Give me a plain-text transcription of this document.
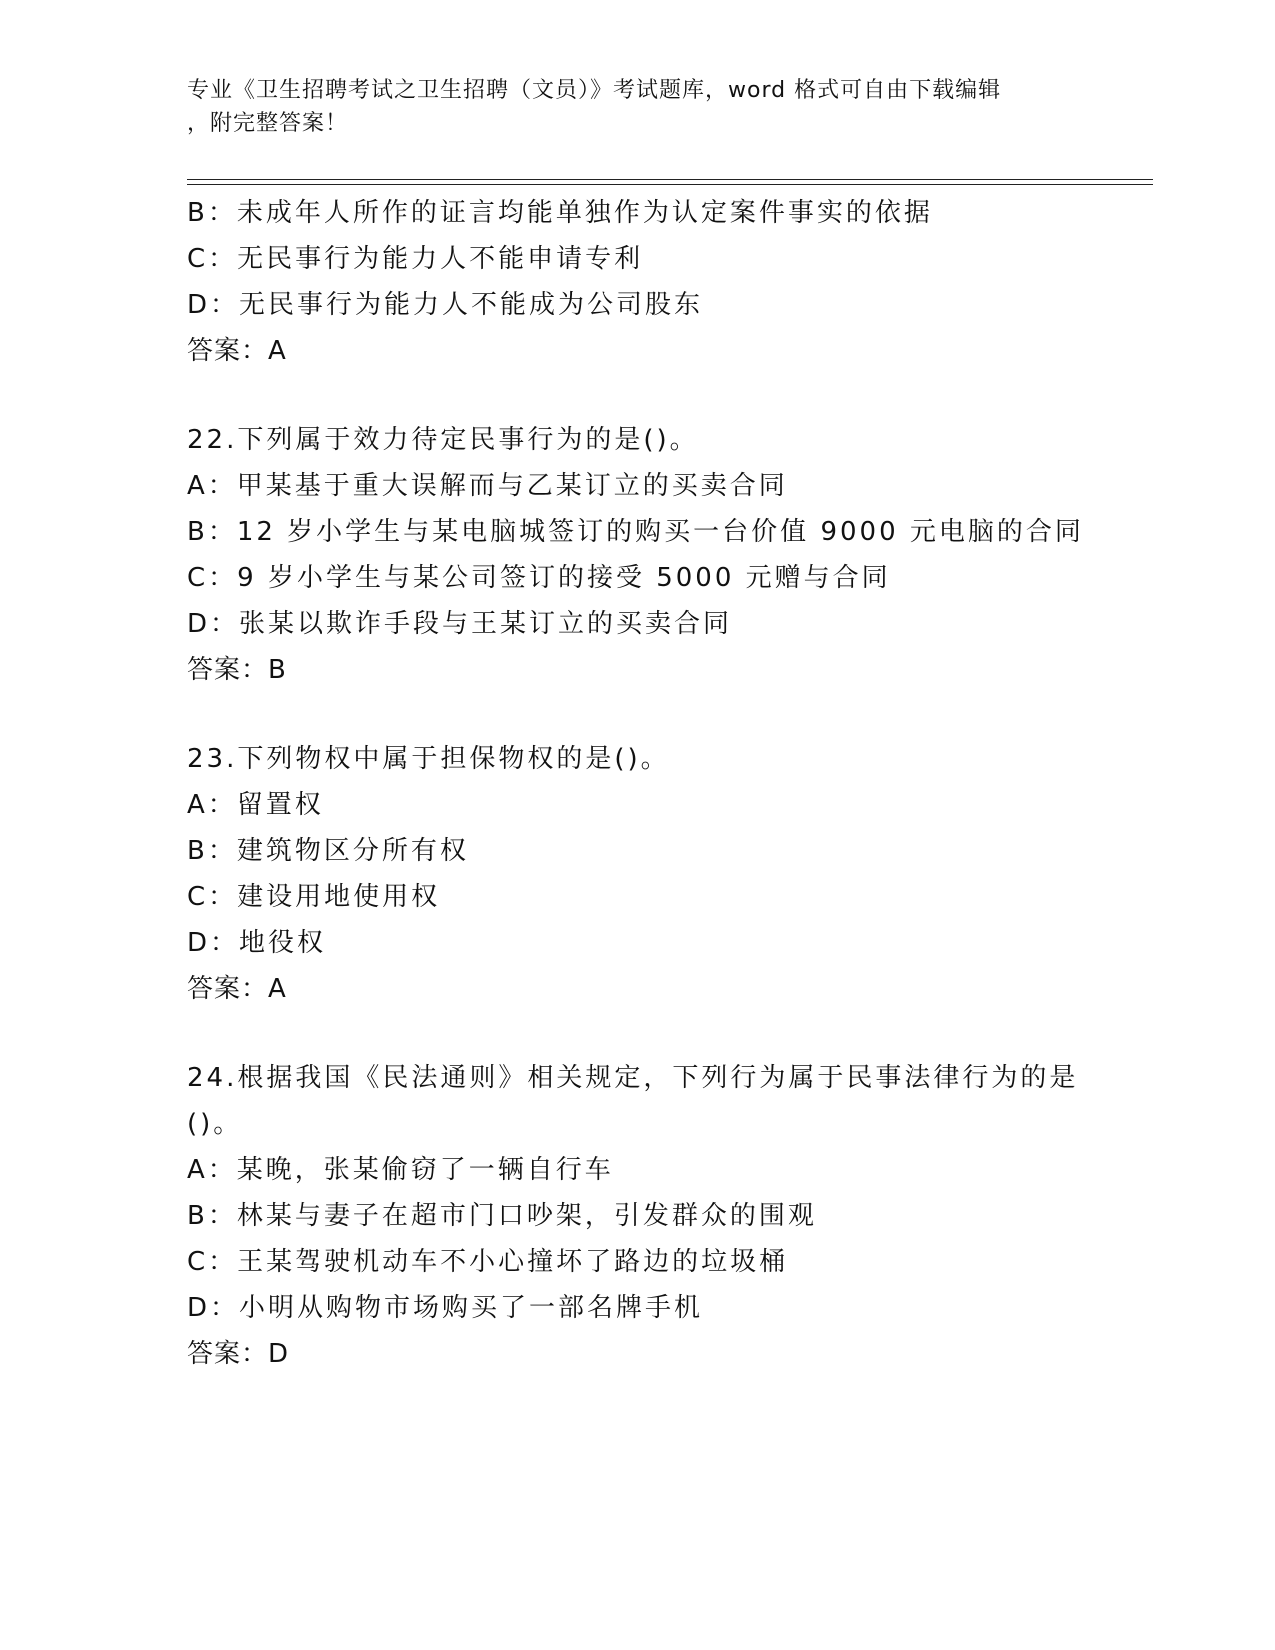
专业《卫生招聘考试之卫生招聘（文员）》考试题库，word 格式可自由下载编辑
，附完整答案！
B：未成年人所作的证言均能单独作为认定案件事实的依据
C：无民事行为能力人不能申请专利
D：无民事行为能力人不能成为公司股东
答案：A
22.下列属于效力待定民事行为的是()。
A：甲某基于重大误解而与乙某订立的买卖合同
B：12 岁小学生与某电脑城签订的购买一台价值 9000 元电脑的合同
C：9 岁小学生与某公司签订的接受 5000 元赠与合同
D：张某以欺诈手段与王某订立的买卖合同
答案：B
23.下列物权中属于担保物权的是()。
A：留置权
B：建筑物区分所有权
C：建设用地使用权
D：地役权
答案：A
24.根据我国《民法通则》相关规定，下列行为属于民事法律行为的是
()。
A：某晚，张某偷窃了一辆自行车
B：林某与妻子在超市门口吵架，引发群众的围观
C：王某驾驶机动车不小心撞坏了路边的垃圾桶
D：小明从购物市场购买了一部名牌手机
答案：D
